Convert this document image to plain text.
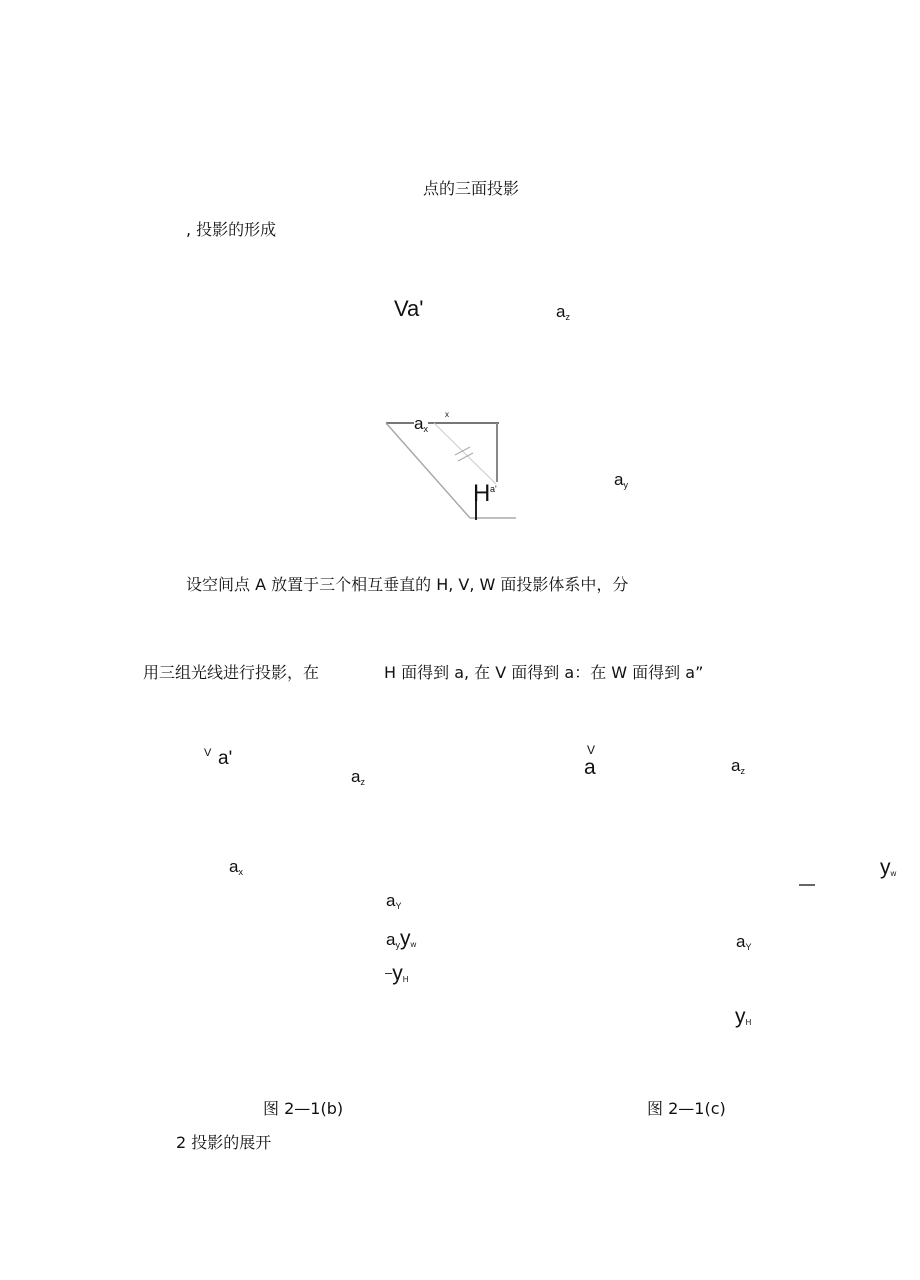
点的三面投影
, 投影的形成
Va'	$a_z$
x
$a_x$
$a_y$
H a'
设空间点 A 放置于三个相互垂直的 H, V, W 面投影体系中，分
用三组光线进行投影，在	H 面得到 a, 在 V 面得到 a：在 W 面得到 a”
V a'
$a_z$
$a_x$
$a_Y$
$a_yyw$
–yH
图 2—1(b)
V
a	$a_z$
yw
$a_Y$
yH
图 2—1(c)
2 投影的展开
